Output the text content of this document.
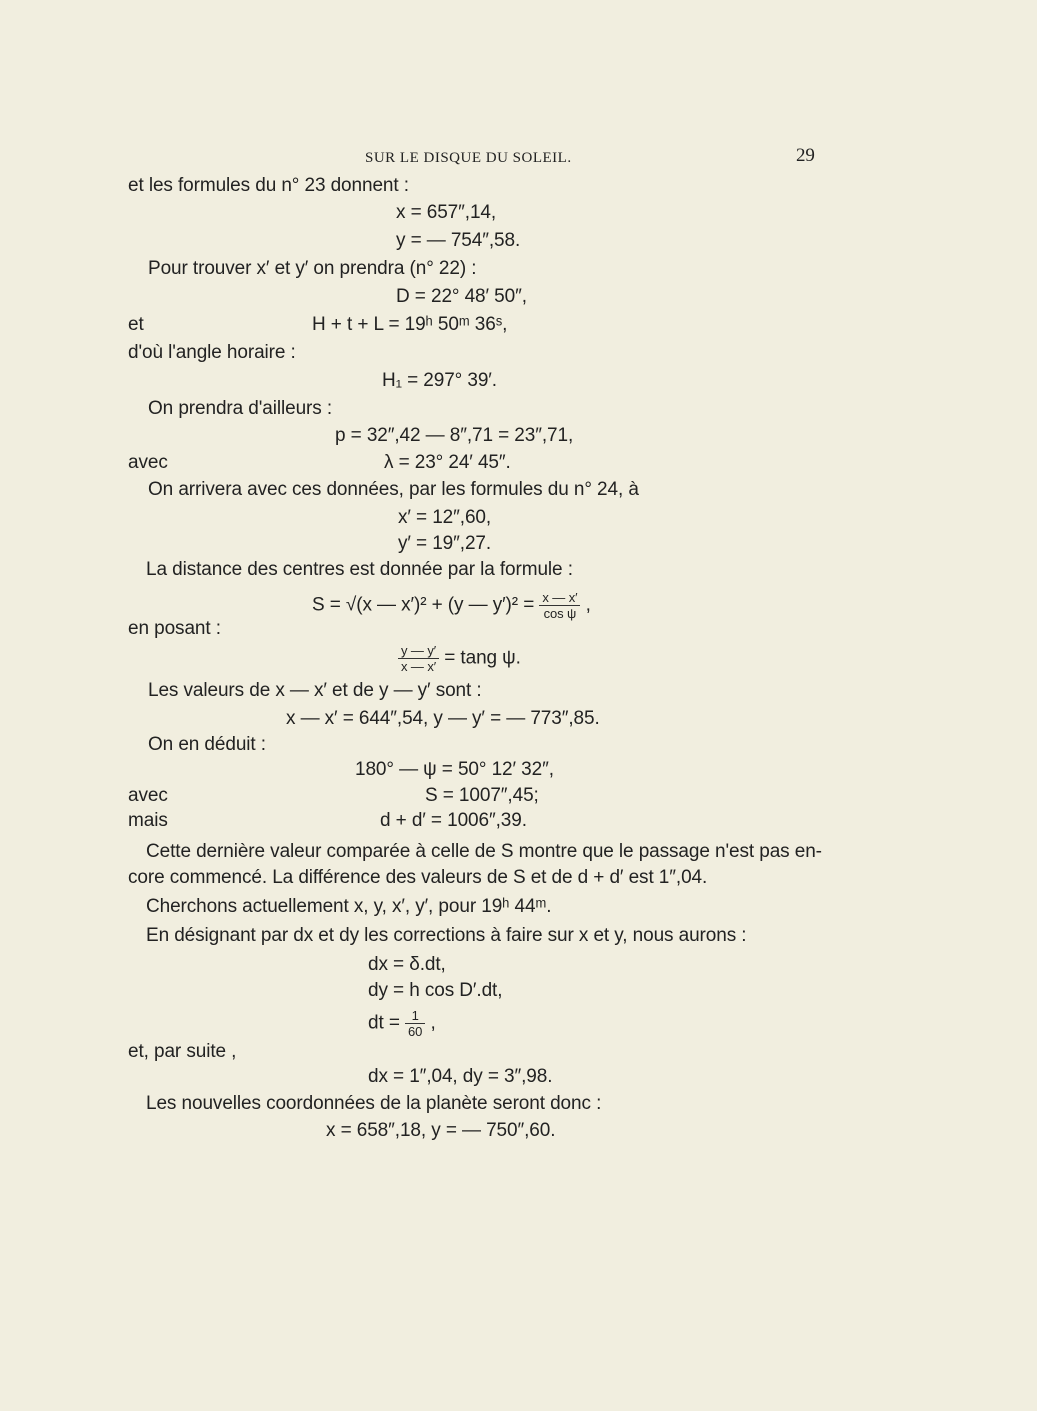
SUR LE DISQUE DU SOLEIL.	29
et les formules du n° 23 donnent :
x = 657″,14,
y = — 754″,58.
Pour trouver x′ et y′ on prendra (n° 22) :
D = 22° 48′ 50″,
et	H + t + L = 19ʰ 50ᵐ 36ˢ,
d'où l'angle horaire :
H₁ = 297° 39′.
On prendra d'ailleurs :
p = 32″,42 — 8″,71 = 23″,71,
avec	λ = 23° 24′ 45″.
On arrivera avec ces données, par les formules du n° 24, à
x′ = 12″,60,
y′ = 19″,27.
La distance des centres est donnée par la formule :
S = √(x — x′)² + (y — $y')^2 = \frac{x — x'}{\text{cos ψ}}$ ,
en posant :
$\frac{y — y'}{x — x'} = \tan g$ ψ.
Les valeurs de x — x′ et de y — y′ sont :
x — x′ = 644″,54, y — y′ = — 773″,85.
On en déduit :
180° — ψ = 50° 12′ 32″,
avec	S = 1007″,45;
mais	d + d′ = 1006″,39.
Cette dernière valeur comparée à celle de S montre que le passage n'est pas en-
core commencé. La différence des valeurs de S et de d + d′ est 1″,04.
Cherchons actuellement x, y, x′, y′, pour 19ʰ 44ᵐ.
En désignant par dx et dy les corrections à faire sur x et y, nous aurons :
dx = δ.dt,
dy = h cos D′.dt,
dt = $\frac{1}{60}$ ,
et, par suite ,
dx = 1″,04, dy = 3″,98.
Les nouvelles coordonnées de la planète seront donc :
x = 658″,18, y = — 750″,60.
